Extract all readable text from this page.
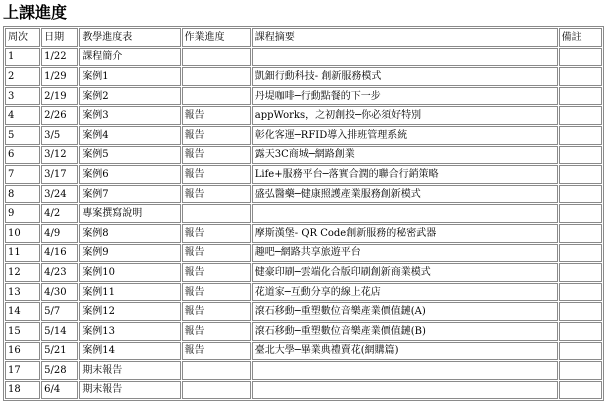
上課進度
周次	日期	教學進度表	作業進度	課程摘要	備註
1	1/22	課程簡介			
2	1/29	案例1		凱鈿行動科技- 創新服務模式	
3	2/19	案例2		丹堤咖啡─行動點餐的下一步	
4	2/26	案例3	報告	appWorks，之初創投─你必須好特別	
5	3/5	案例4	報告	彰化客運─RFID導入排班管理系統	
6	3/12	案例5	報告	露天3C商城─網路創業	
7	3/17	案例6	報告	Life+服務平台─落實合潤的聯合行銷策略	
8	3/24	案例7	報告	盛弘醫藥─健康照護產業服務創新模式	
9	4/2	專案撰寫說明			
10	4/9	案例8	報告	摩斯漢堡- QR Code創新服務的秘密武器	
11	4/16	案例9	報告	趣吧─網路共享旅遊平台	
12	4/23	案例10	報告	健豪印刷─雲端化合版印刷創新商業模式	
13	4/30	案例11	報告	花道家─互動分享的線上花店	
14	5/7	案例12	報告	滾石移動─重塑數位音樂產業價值鏈(A)	
15	5/14	案例13	報告	滾石移動─重塑數位音樂產業價值鏈(B)	
16	5/21	案例14	報告	臺北大學─畢業典禮賣花(網購篇)	
17	5/28	期末報告			
18	6/4	期末報告			
